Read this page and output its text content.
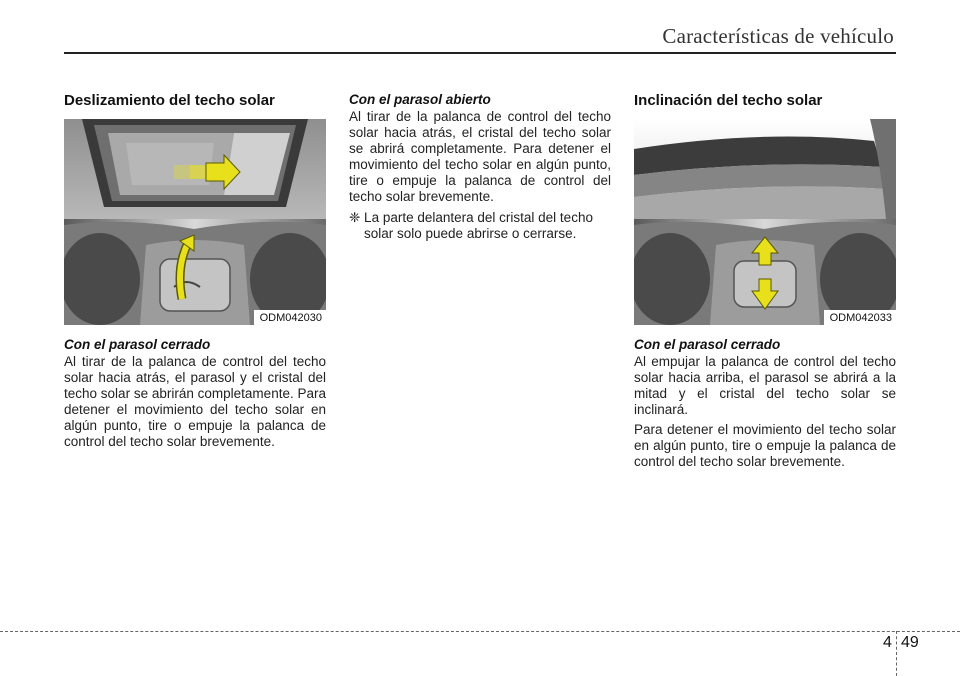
Características de vehículo
Deslizamiento del techo solar
ODM042030
Con el parasol cerrado

Al tirar de la palanca de control del techo solar hacia atrás, el parasol y el cristal del techo solar se abrirán completamente. Para detener el movimiento del techo solar en algún punto, tire o empuje la palanca de control del techo solar brevemente.

Con el parasol abierto

Al tirar de la palanca de control del techo solar hacia atrás, el cristal del techo solar se abrirá completamente. Para detener el movimiento del techo solar en algún punto, tire o empuje la palanca de control del techo solar brevemente.

❈ La parte delantera del cristal del techo solar solo puede abrirse o cerrarse.

Inclinación del techo solar
ODM042033
Con el parasol cerrado

Al empujar la palanca de control del techo solar hacia arriba, el parasol se abrirá a la mitad y el cristal del techo solar se inclinará.

Para detener el movimiento del techo solar en algún punto, tire o empuje la palanca de control del techo solar brevemente.

4 49
